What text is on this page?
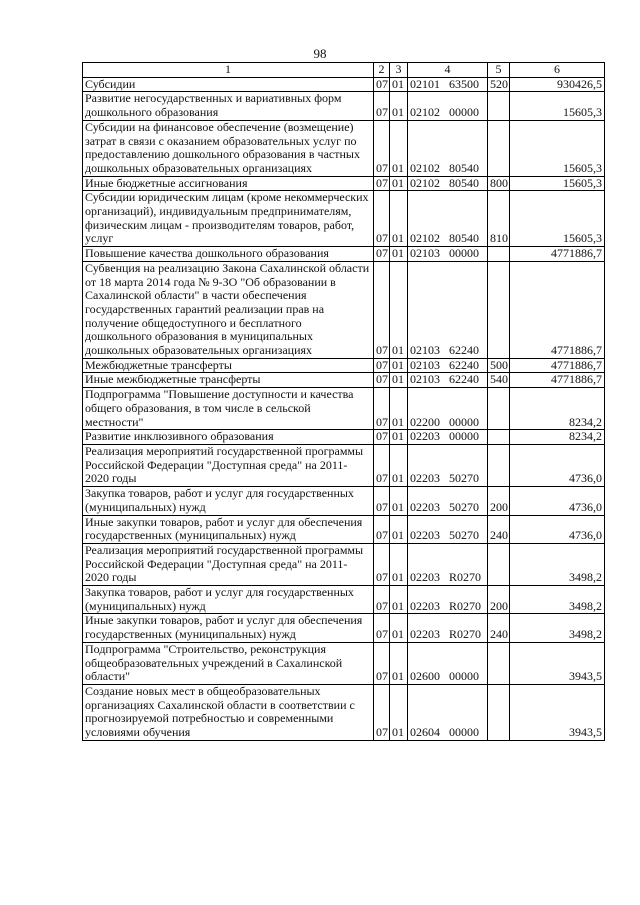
98
1	2	3	4	5	6
Субсидии	07	01	02101 63500	520	930426,5
Развитие негосударственных и вариативных форм дошкольного образования	07	01	02102 00000		15605,3
Субсидии на финансовое обеспечение (возмещение) затрат в связи с оказанием образовательных услуг по предоставлению дошкольного образования в частных дошкольных образовательных организациях	07	01	02102 80540		15605,3
Иные бюджетные ассигнования	07	01	02102 80540	800	15605,3
Субсидии юридическим лицам (кроме некоммерческих организаций), индивидуальным предпринимателям, физическим лицам - производителям товаров, работ, услуг	07	01	02102 80540	810	15605,3
Повышение качества дошкольного образования	07	01	02103 00000		4771886,7
Субвенция на реализацию Закона Сахалинской области от 18 марта 2014 года № 9-ЗО "Об образовании в Сахалинской области" в части обеспечения государственных гарантий реализации прав на получение общедоступного и бесплатного дошкольного образования в муниципальных дошкольных образовательных организациях	07	01	02103 62240		4771886,7
Межбюджетные трансферты	07	01	02103 62240	500	4771886,7
Иные межбюджетные трансферты	07	01	02103 62240	540	4771886,7
Подпрограмма "Повышение доступности и качества общего образования, в том числе в сельской местности"	07	01	02200 00000		8234,2
Развитие инклюзивного образования	07	01	02203 00000		8234,2
Реализация мероприятий государственной программы Российской Федерации "Доступная среда" на 2011-2020 годы	07	01	02203 50270		4736,0
Закупка товаров, работ и услуг для государственных (муниципальных) нужд	07	01	02203 50270	200	4736,0
Иные закупки товаров, работ и услуг для обеспечения государственных (муниципальных) нужд	07	01	02203 50270	240	4736,0
Реализация мероприятий государственной программы Российской Федерации "Доступная среда" на 2011-2020 годы	07	01	02203 R0270		3498,2
Закупка товаров, работ и услуг для государственных (муниципальных) нужд	07	01	02203 R0270	200	3498,2
Иные закупки товаров, работ и услуг для обеспечения государственных (муниципальных) нужд	07	01	02203 R0270	240	3498,2
Подпрограмма "Строительство, реконструкция общеобразовательных учреждений в Сахалинской области"	07	01	02600 00000		3943,5
Создание новых мест в общеобразовательных организациях Сахалинской области в соответствии с прогнозируемой потребностью и современными условиями обучения	07	01	02604 00000		3943,5
